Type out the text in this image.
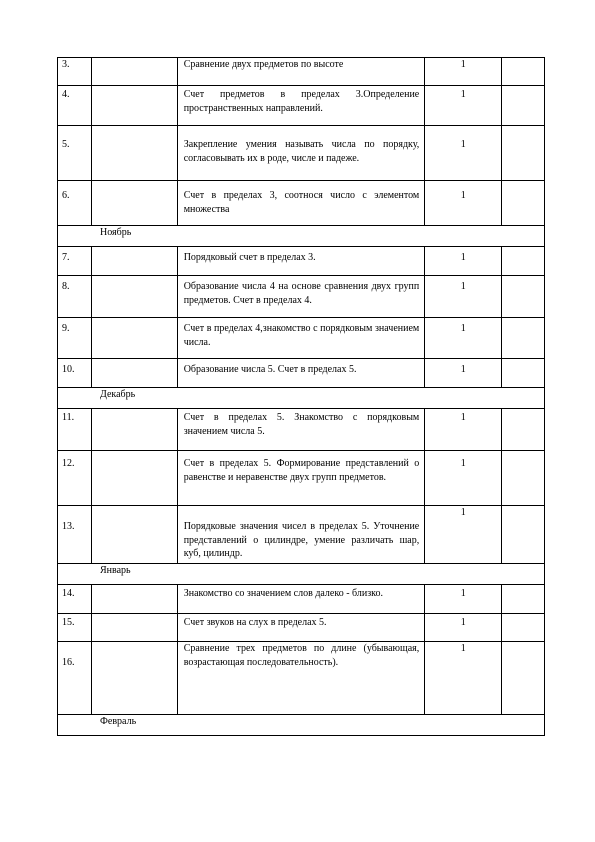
3.		Сравнение двух предметов по высоте	1	

4.		Счет предметов в пределах 3.Определение пространственных направлений.	1	

5.		Закрепление умения называть числа по порядку, согласовывать их в роде, числе и падеже.	1	

6.		Счет в пределах 3, соотнося число с элементом множества	1	

Ноябрь				

7.		Порядковый счет в пределах 3.	1	

8.		Образование числа 4 на основе сравнения двух групп предметов. Счет в пределах 4.	1	

9.		Счет в пределах 4,знакомство с порядковым значением числа.	1	

10.		Образование числа 5. Счет в пределах 5.	1	

Декабрь				

11.		Счет в пределах 5. Знакомство с порядковым значением числа 5.	1	

12.		Счет в пределах 5. Формирование представлений о равенстве и неравенстве двух групп предметов.	1	

13.		Порядковые значения чисел в пределах 5. Уточнение представлений о цилиндре, умение различать шар, куб, цилиндр.	1	

Январь				

14.		Знакомство со значением слов далеко - близко.	1	

15.		Счет звуков на слух в пределах 5.	1	

16.		Сравнение трех предметов по длине (убывающая, возрастающая последовательность).	1	

Февраль				
